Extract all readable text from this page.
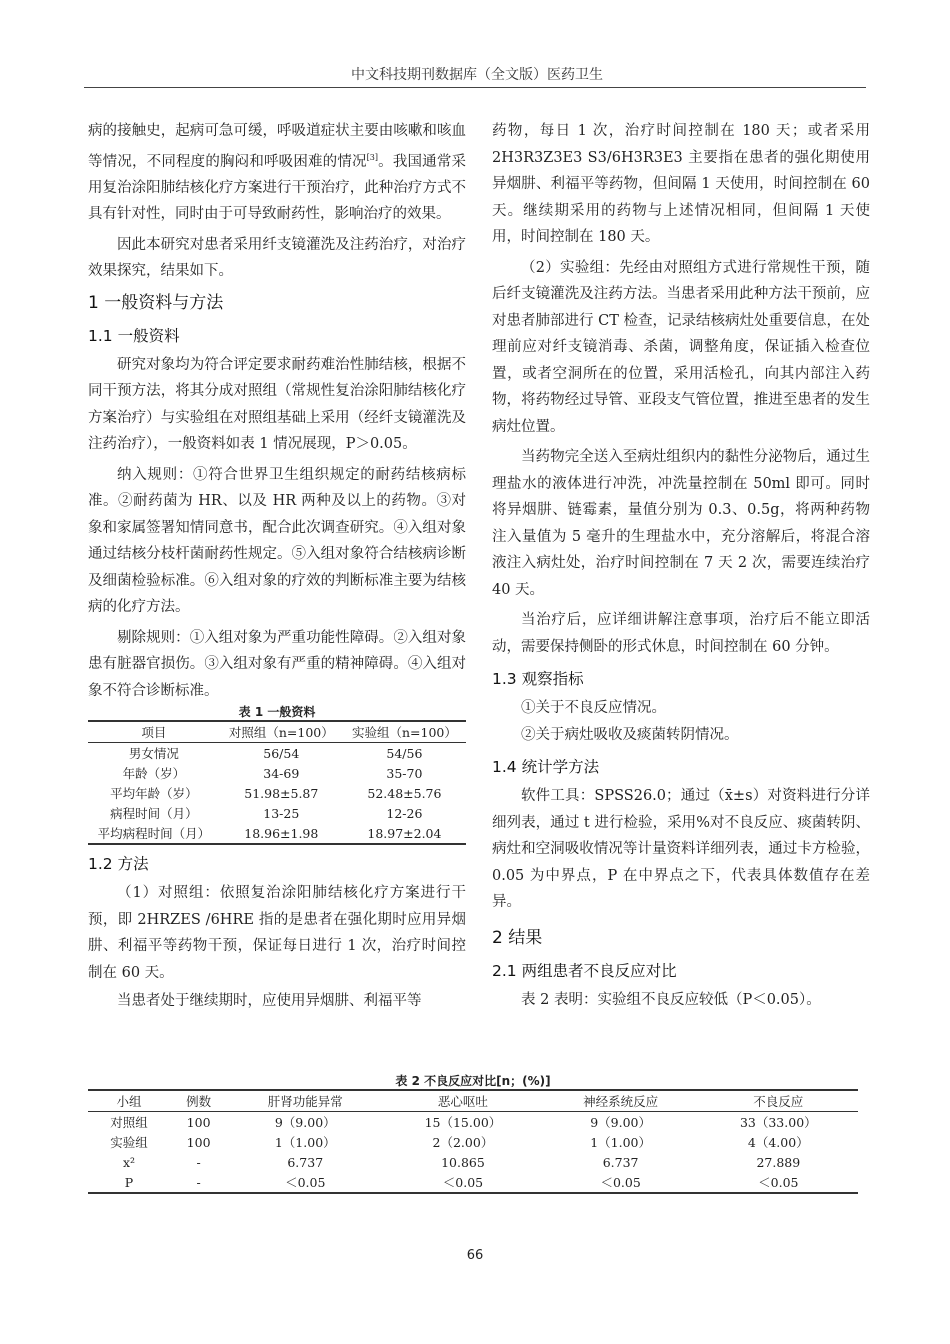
中文科技期刊数据库（全文版）医药卫生

病的接触史，起病可急可缓，呼吸道症状主要由咳嗽和咳血等情况，不同程度的胸闷和呼吸困难的情况[3]。我国通常采用复治涂阳肺结核化疗方案进行干预治疗，此种治疗方式不具有针对性，同时由于可导致耐药性，影响治疗的效果。

因此本研究对患者采用纤支镜灌洗及注药治疗，对治疗效果探究，结果如下。

1 一般资料与方法
1.1 一般资料

研究对象均为符合评定要求耐药难治性肺结核，根据不同干预方法，将其分成对照组（常规性复治涂阳肺结核化疗方案治疗）与实验组在对照组基础上采用（经纤支镜灌洗及注药治疗），一般资料如表 1 情况展现，P＞0.05。

纳入规则：①符合世界卫生组织规定的耐药结核病标准。②耐药菌为 HR、以及 HR 两种及以上的药物。③对象和家属签署知情同意书，配合此次调查研究。④入组对象通过结核分枝杆菌耐药性规定。⑤入组对象符合结核病诊断及细菌检验标准。⑥入组对象的疗效的判断标准主要为结核病的化疗方法。

剔除规则：①入组对象为严重功能性障碍。②入组对象患有脏器官损伤。③入组对象有严重的精神障碍。④入组对象不符合诊断标准。

表 1 一般资料
项目	对照组（n=100）	实验组（n=100）
男女情况	56/54	54/56
年龄（岁）	34-69	35-70
平均年龄（岁）	51.98±5.87	52.48±5.76
病程时间（月）	13-25	12-26
平均病程时间（月）	18.96±1.98	18.97±2.04
1.2 方法

（1）对照组：依照复治涂阳肺结核化疗方案进行干预，即 2HRZES /6HRE 指的是患者在强化期时应用异烟肼、利福平等药物干预，保证每日进行 1 次，治疗时间控制在 60 天。

当患者处于继续期时，应使用异烟肼、利福平等

药物，每日 1 次，治疗时间控制在 180 天；或者采用 2H3R3Z3E3 S3/6H3R3E3 主要指在患者的强化期使用异烟肼、利福平等药物，但间隔 1 天使用，时间控制在 60 天。继续期采用的药物与上述情况相同，但间隔 1 天使用，时间控制在 180 天。

（2）实验组：先经由对照组方式进行常规性干预，随后纤支镜灌洗及注药方法。当患者采用此种方法干预前，应对患者肺部进行 CT 检查，记录结核病灶处重要信息，在处理前应对纤支镜消毒、杀菌，调整角度，保证插入检查位置，或者空洞所在的位置，采用活检孔，向其内部注入药物，将药物经过导管、亚段支气管位置，推进至患者的发生病灶位置。

当药物完全送入至病灶组织内的黏性分泌物后，通过生理盐水的液体进行冲洗，冲洗量控制在 50ml 即可。同时将异烟肼、链霉素，量值分别为 0.3、0.5g，将两种药物注入量值为 5 毫升的生理盐水中，充分溶解后，将混合溶液注入病灶处，治疗时间控制在 7 天 2 次，需要连续治疗 40 天。

当治疗后，应详细讲解注意事项，治疗后不能立即活动，需要保持侧卧的形式休息，时间控制在 60 分钟。

1.3 观察指标

①关于不良反应情况。

②关于病灶吸收及痰菌转阴情况。

1.4 统计学方法

软件工具：SPSS26.0；通过（x̄±s）对资料进行分详细列表，通过 t 进行检验，采用%对不良反应、痰菌转阴、病灶和空洞吸收情况等计量资料详细列表，通过卡方检验，0.05 为中界点，P 在中界点之下，代表具体数值存在差异。

2 结果
2.1 两组患者不良反应对比

表 2 表明：实验组不良反应较低（P＜0.05）。

表 2 不良反应对比[n；(%)]
小组	例数	肝肾功能异常	恶心呕吐	神经系统反应	不良反应
对照组	100	9（9.00）	15（15.00）	9（9.00）	33（33.00）
实验组	100	1（1.00）	2（2.00）	1（1.00）	4（4.00）
x²	-	6.737	10.865	6.737	27.889
P	-	＜0.05	＜0.05	＜0.05	＜0.05
66
